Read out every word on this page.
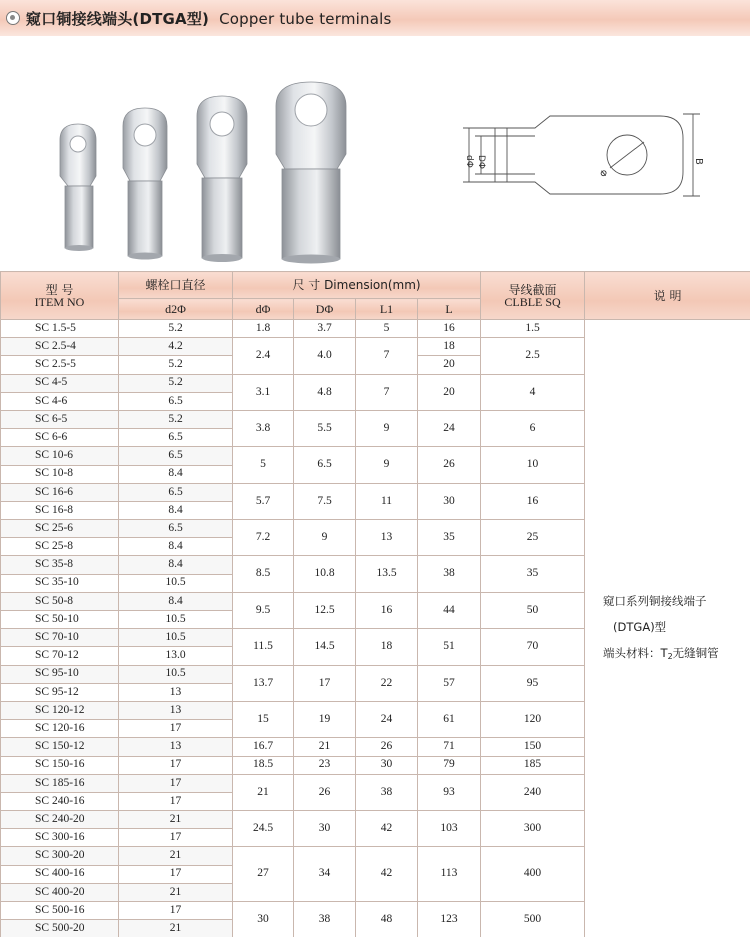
窥口铜接线端头(DTGA型) Copper tube terminals
dΦ DΦ
Φ
B
型 号
ITEM NO	螺栓口直径	尺 寸 Dimension(mm)				导线截面
CLBLE SQ	说 明
	d2Φ	dΦ	DΦ	L1	L		
SC 1.5-5	5.2	1.8	3.7	5	16	1.5	窥口系列铜接线端子
(DTGA)型
端头材料：$T_2$无缝铜管

SC 2.5-4	4.2	2.4	4.0	7	18	2.5	
SC 2.5-5	5.2				20		
SC 4-5	5.2	3.1	4.8	7	20	4	
SC 4-6	6.5						
SC 6-5	5.2	3.8	5.5	9	24	6	
SC 6-6	6.5						
SC 10-6	6.5	5	6.5	9	26	10	
SC 10-8	8.4						
SC 16-6	6.5	5.7	7.5	11	30	16	
SC 16-8	8.4						
SC 25-6	6.5	7.2	9	13	35	25	
SC 25-8	8.4						
SC 35-8	8.4	8.5	10.8	13.5	38	35	
SC 35-10	10.5						
SC 50-8	8.4	9.5	12.5	16	44	50	
SC 50-10	10.5						
SC 70-10	10.5	11.5	14.5	18	51	70	
SC 70-12	13.0						
SC 95-10	10.5	13.7	17	22	57	95	
SC 95-12	13						
SC 120-12	13	15	19	24	61	120	
SC 120-16	17						
SC 150-12	13	16.7	21	26	71	150	
SC 150-16	17	18.5	23	30	79	185	
SC 185-16	17	21	26	38	93	240	
SC 240-16	17						
SC 240-20	21	24.5	30	42	103	300	
SC 300-16	17						
SC 300-20	21	27	34	42	113	400	
SC 400-16	17						
SC 400-20	21						
SC 500-16	17	30	38	48	123	500	
SC 500-20	21						
